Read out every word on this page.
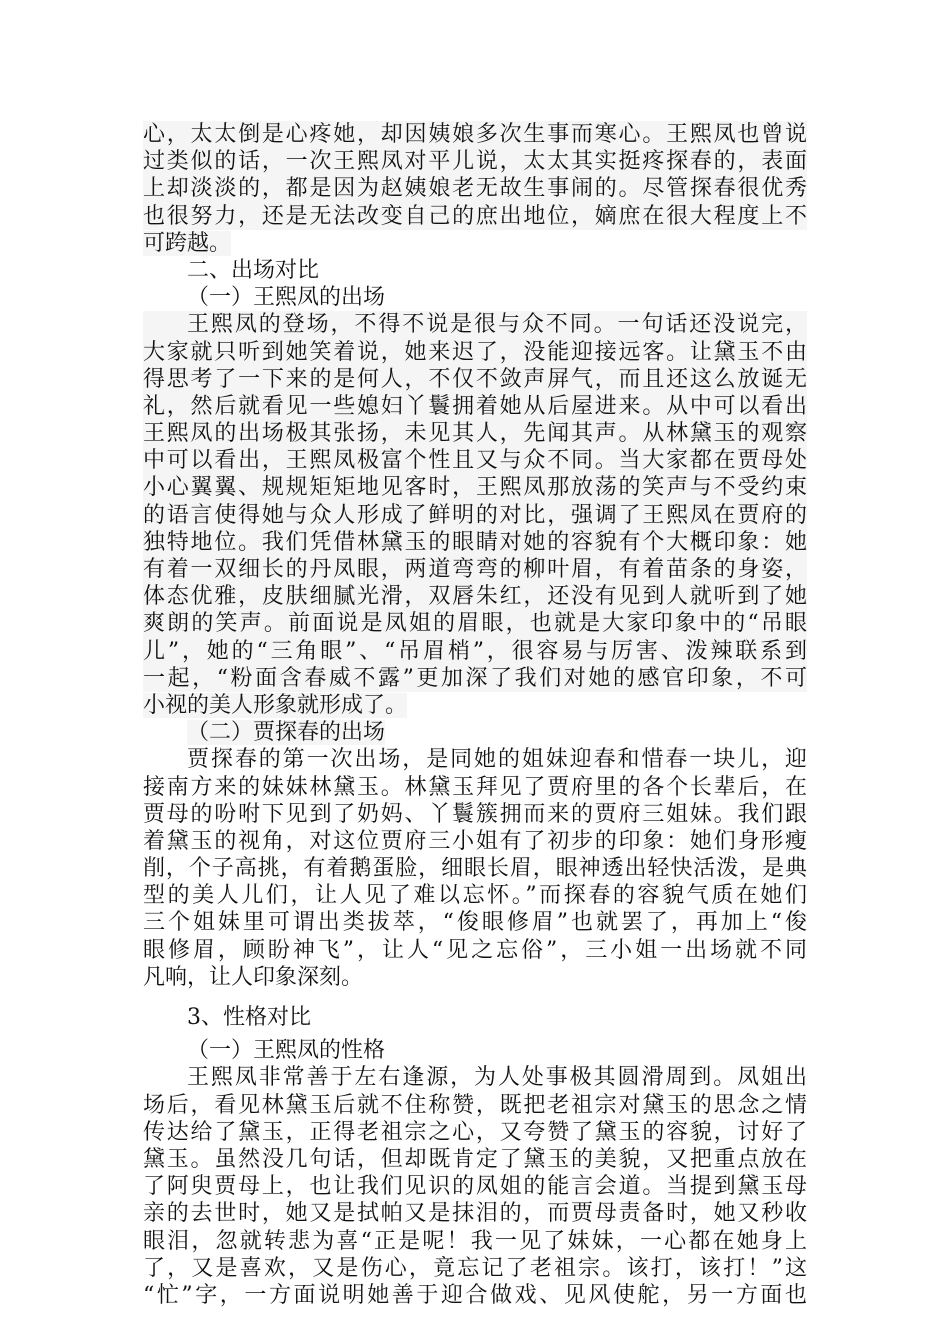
心，太太倒是心疼她，却因姨娘多次生事而寒心。王熙凤也曾说
过类似的话，一次王熙凤对平儿说，太太其实挺疼探春的，表面
上却淡淡的，都是因为赵姨娘老无故生事闹的。尽管探春很优秀
也很努力，还是无法改变自己的庶出地位，嫡庶在很大程度上不
可跨越。
二、出场对比
（一）王熙凤的出场
王熙凤的登场，不得不说是很与众不同。一句话还没说完，
大家就只听到她笑着说，她来迟了，没能迎接远客。让黛玉不由
得思考了一下来的是何人，不仅不敛声屏气，而且还这么放诞无
礼，然后就看见一些媳妇丫鬟拥着她从后屋进来。从中可以看出
王熙凤的出场极其张扬，未见其人，先闻其声。从林黛玉的观察
中可以看出，王熙凤极富个性且又与众不同。当大家都在贾母处
小心翼翼、规规矩矩地见客时，王熙凤那放荡的笑声与不受约束
的语言使得她与众人形成了鲜明的对比，强调了王熙凤在贾府的
独特地位。我们凭借林黛玉的眼睛对她的容貌有个大概印象：她
有着一双细长的丹凤眼，两道弯弯的柳叶眉，有着苗条的身姿，
体态优雅，皮肤细腻光滑，双唇朱红，还没有见到人就听到了她
爽朗的笑声。前面说是凤姐的眉眼，也就是大家印象中的“吊眼
儿”，她的“三角眼”、“吊眉梢”，很容易与厉害、泼辣联系到
一起，“粉面含春威不露”更加深了我们对她的感官印象，不可
小视的美人形象就形成了。
（二）贾探春的出场
贾探春的第一次出场，是同她的姐妹迎春和惜春一块儿，迎
接南方来的妹妹林黛玉。林黛玉拜见了贾府里的各个长辈后，在
贾母的吩咐下见到了奶妈、丫鬟簇拥而来的贾府三姐妹。我们跟
着黛玉的视角，对这位贾府三小姐有了初步的印象：她们身形瘦
削，个子高挑，有着鹅蛋脸，细眼长眉，眼神透出轻快活泼，是典
型的美人儿们，让人见了难以忘怀。”而探春的容貌气质在她们
三个姐妹里可谓出类拔萃，“俊眼修眉”也就罢了，再加上“俊
眼修眉，顾盼神飞”，让人“见之忘俗”，三小姐一出场就不同
凡响，让人印象深刻。
3、性格对比
（一）王熙凤的性格
王熙凤非常善于左右逢源，为人处事极其圆滑周到。凤姐出
场后，看见林黛玉后就不住称赞，既把老祖宗对黛玉的思念之情
传达给了黛玉，正得老祖宗之心，又夸赞了黛玉的容貌，讨好了
黛玉。虽然没几句话，但却既肯定了黛玉的美貌，又把重点放在
了阿臾贾母上，也让我们见识的凤姐的能言会道。当提到黛玉母
亲的去世时，她又是拭帕又是抹泪的，而贾母责备时，她又秒收
眼泪，忽就转悲为喜“正是呢！我一见了妹妹，一心都在她身上
了，又是喜欢，又是伤心，竟忘记了老祖宗。该打，该打！”这
“忙”字，一方面说明她善于迎合做戏、见风使舵，另一方面也
